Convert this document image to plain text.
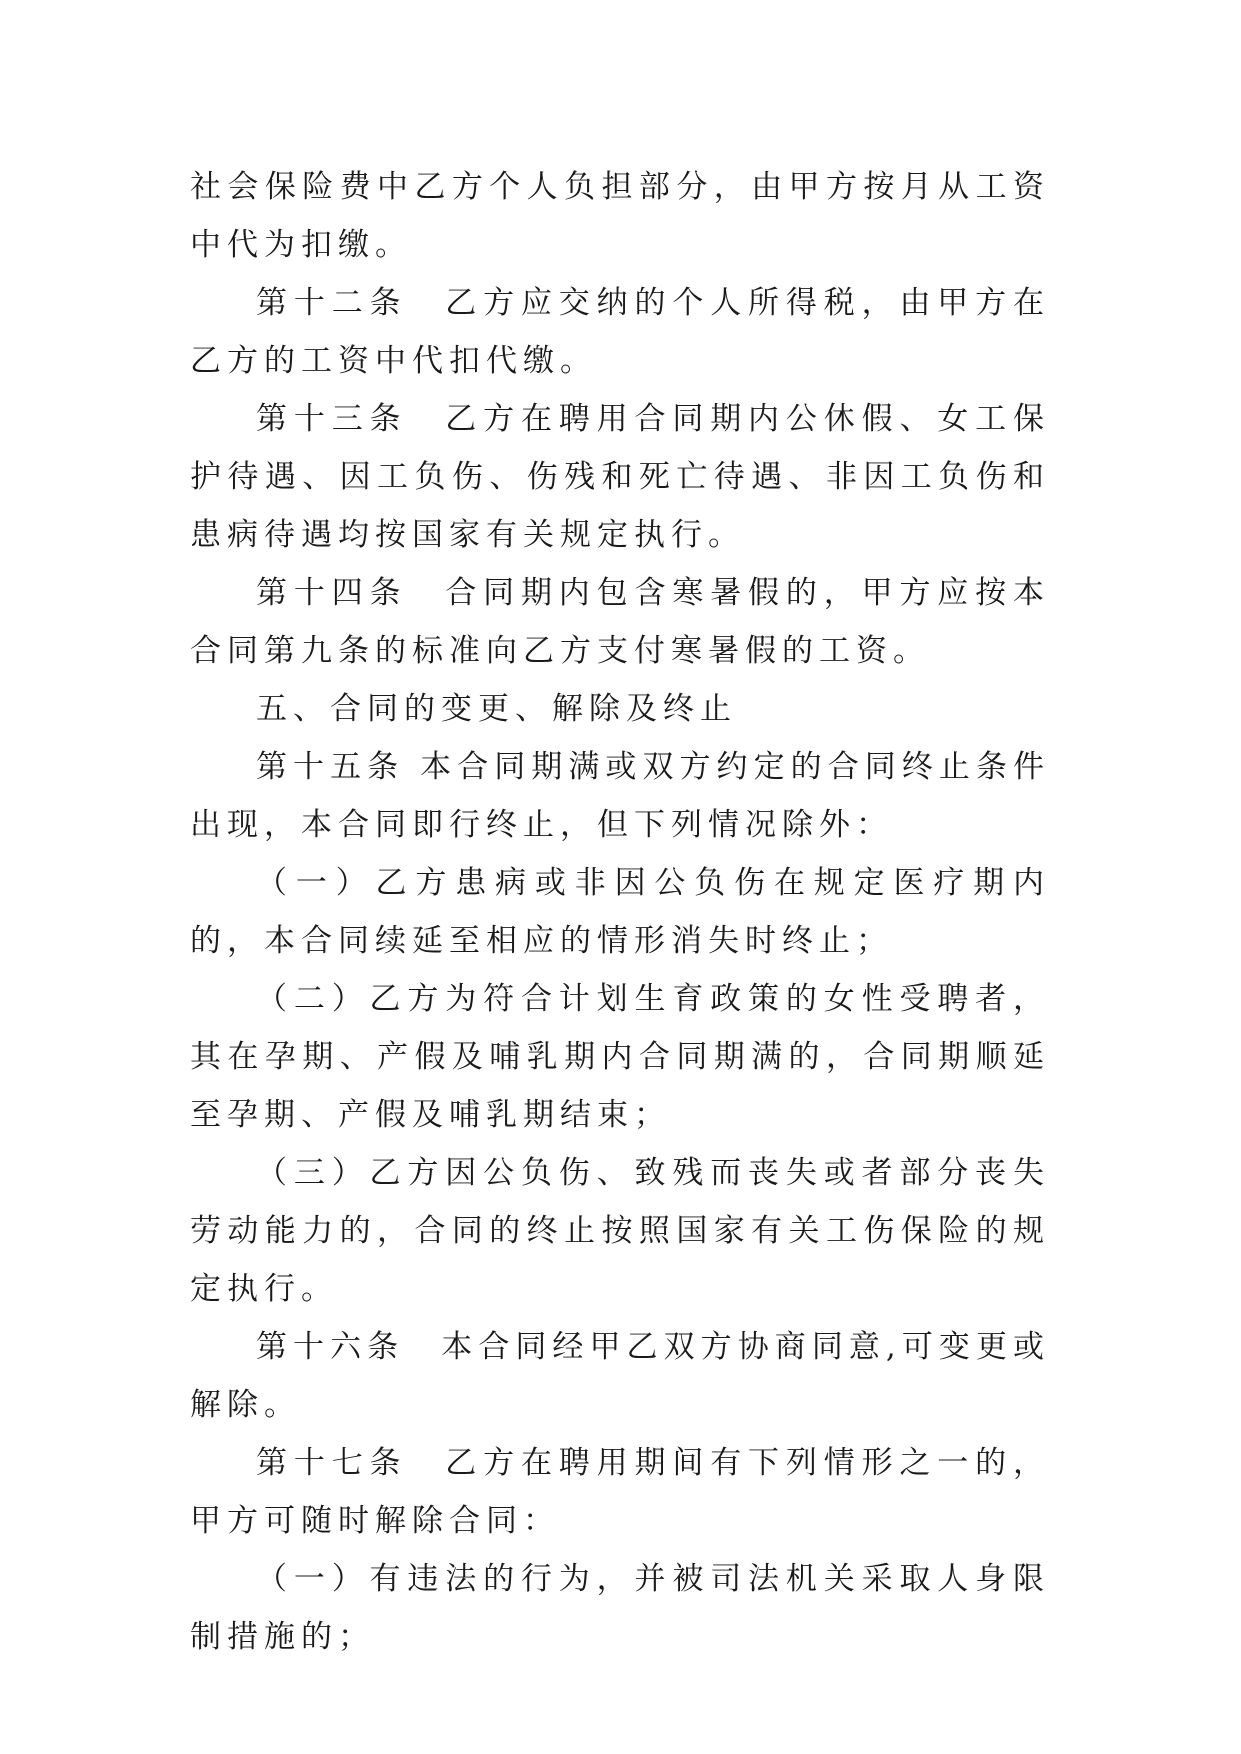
社会保险费中乙方个人负担部分，由甲方按月从工资中代为扣缴。

第十二条　乙方应交纳的个人所得税，由甲方在乙方的工资中代扣代缴。

第十三条　乙方在聘用合同期内公休假、女工保护待遇、因工负伤、伤残和死亡待遇、非因工负伤和患病待遇均按国家有关规定执行。

第十四条　合同期内包含寒暑假的，甲方应按本合同第九条的标准向乙方支付寒暑假的工资。

五、合同的变更、解除及终止

第十五条 本合同期满或双方约定的合同终止条件出现，本合同即行终止，但下列情况除外：

（一）乙方患病或非因公负伤在规定医疗期内的，本合同续延至相应的情形消失时终止；

（二）乙方为符合计划生育政策的女性受聘者，其在孕期、产假及哺乳期内合同期满的，合同期顺延至孕期、产假及哺乳期结束；

（三）乙方因公负伤、致残而丧失或者部分丧失劳动能力的，合同的终止按照国家有关工伤保险的规定执行。

第十六条　本合同经甲乙双方协商同意,可变更或解除。

第十七条　乙方在聘用期间有下列情形之一的，甲方可随时解除合同：

（一）有违法的行为，并被司法机关采取人身限制措施的；
